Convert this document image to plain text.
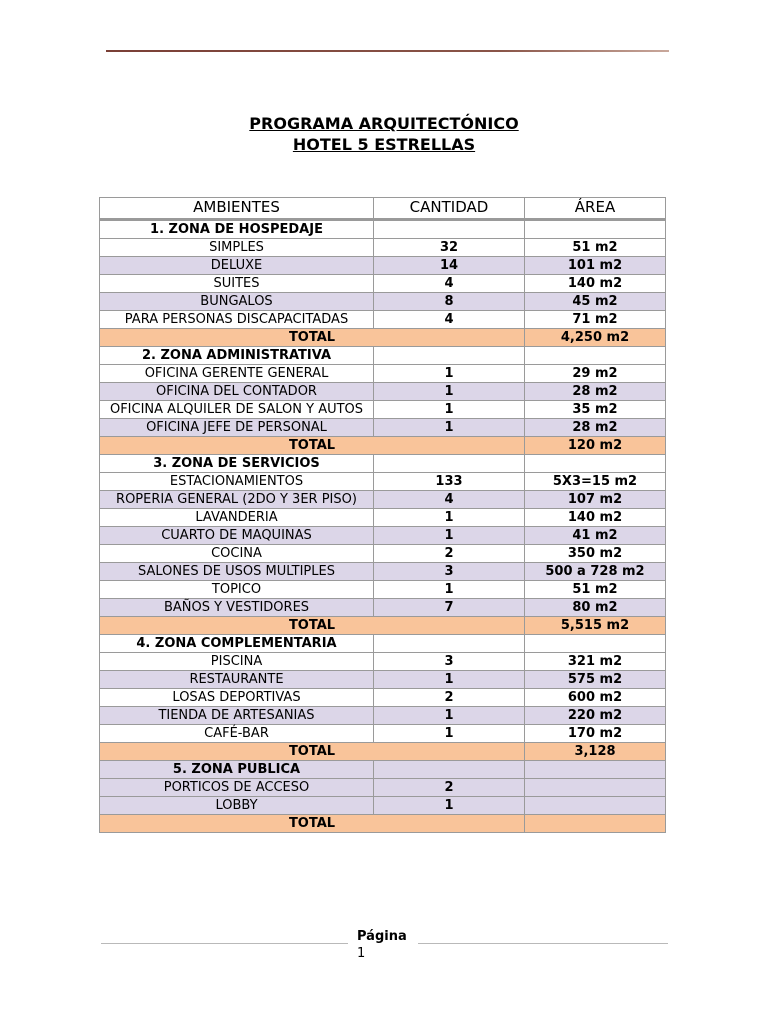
PROGRAMA ARQUITECTÓNICO
HOTEL 5 ESTRELLAS
AMBIENTES	CANTIDAD	ÁREA
1. ZONA DE HOSPEDAJE		
SIMPLES	32	51 m2
DELUXE	14	101 m2
SUITES	4	140 m2
BUNGALOS	8	45 m2
PARA PERSONAS DISCAPACITADAS	4	71 m2
TOTAL		4,250 m2
2. ZONA ADMINISTRATIVA		
OFICINA GERENTE GENERAL	1	29 m2
OFICINA DEL CONTADOR	1	28 m2
OFICINA ALQUILER DE SALON Y AUTOS	1	35 m2
OFICINA JEFE DE PERSONAL	1	28 m2
TOTAL		120 m2
3. ZONA DE SERVICIOS		
ESTACIONAMIENTOS	133	5X3=15 m2
ROPERIA GENERAL (2DO Y 3ER PISO)	4	107 m2
LAVANDERIA	1	140 m2
CUARTO DE MAQUINAS	1	41 m2
COCINA	2	350 m2
SALONES DE USOS MULTIPLES	3	500 a 728 m2
TOPICO	1	51 m2
BAÑOS Y VESTIDORES	7	80 m2
TOTAL		5,515 m2
4. ZONA COMPLEMENTARIA		
PISCINA	3	321 m2
RESTAURANTE	1	575 m2
LOSAS DEPORTIVAS	2	600 m2
TIENDA DE ARTESANIAS	1	220 m2
CAFÉ-BAR	1	170 m2
TOTAL		3,128
5. ZONA PUBLICA		
PORTICOS DE ACCESO	2	
LOBBY	1	
TOTAL		
Página
1
